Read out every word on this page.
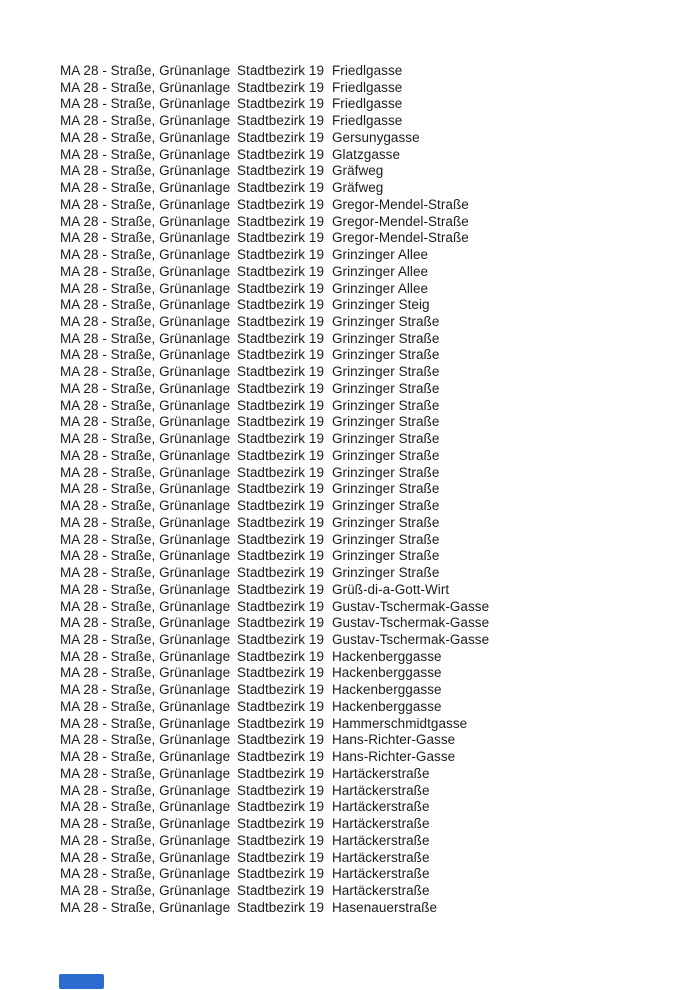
MA 28 - Straße, Grünanlage Stadtbezirk 19 Friedlgasse
MA 28 - Straße, Grünanlage Stadtbezirk 19 Friedlgasse
MA 28 - Straße, Grünanlage Stadtbezirk 19 Friedlgasse
MA 28 - Straße, Grünanlage Stadtbezirk 19 Friedlgasse
MA 28 - Straße, Grünanlage Stadtbezirk 19 Gersunygasse
MA 28 - Straße, Grünanlage Stadtbezirk 19 Glatzgasse
MA 28 - Straße, Grünanlage Stadtbezirk 19 Gräfweg
MA 28 - Straße, Grünanlage Stadtbezirk 19 Gräfweg
MA 28 - Straße, Grünanlage Stadtbezirk 19 Gregor-Mendel-Straße
MA 28 - Straße, Grünanlage Stadtbezirk 19 Gregor-Mendel-Straße
MA 28 - Straße, Grünanlage Stadtbezirk 19 Gregor-Mendel-Straße
MA 28 - Straße, Grünanlage Stadtbezirk 19 Grinzinger Allee
MA 28 - Straße, Grünanlage Stadtbezirk 19 Grinzinger Allee
MA 28 - Straße, Grünanlage Stadtbezirk 19 Grinzinger Allee
MA 28 - Straße, Grünanlage Stadtbezirk 19 Grinzinger Steig
MA 28 - Straße, Grünanlage Stadtbezirk 19 Grinzinger Straße
MA 28 - Straße, Grünanlage Stadtbezirk 19 Grinzinger Straße
MA 28 - Straße, Grünanlage Stadtbezirk 19 Grinzinger Straße
MA 28 - Straße, Grünanlage Stadtbezirk 19 Grinzinger Straße
MA 28 - Straße, Grünanlage Stadtbezirk 19 Grinzinger Straße
MA 28 - Straße, Grünanlage Stadtbezirk 19 Grinzinger Straße
MA 28 - Straße, Grünanlage Stadtbezirk 19 Grinzinger Straße
MA 28 - Straße, Grünanlage Stadtbezirk 19 Grinzinger Straße
MA 28 - Straße, Grünanlage Stadtbezirk 19 Grinzinger Straße
MA 28 - Straße, Grünanlage Stadtbezirk 19 Grinzinger Straße
MA 28 - Straße, Grünanlage Stadtbezirk 19 Grinzinger Straße
MA 28 - Straße, Grünanlage Stadtbezirk 19 Grinzinger Straße
MA 28 - Straße, Grünanlage Stadtbezirk 19 Grinzinger Straße
MA 28 - Straße, Grünanlage Stadtbezirk 19 Grinzinger Straße
MA 28 - Straße, Grünanlage Stadtbezirk 19 Grinzinger Straße
MA 28 - Straße, Grünanlage Stadtbezirk 19 Grinzinger Straße
MA 28 - Straße, Grünanlage Stadtbezirk 19 Grüß-di-a-Gott-Wirt
MA 28 - Straße, Grünanlage Stadtbezirk 19 Gustav-Tschermak-Gasse
MA 28 - Straße, Grünanlage Stadtbezirk 19 Gustav-Tschermak-Gasse
MA 28 - Straße, Grünanlage Stadtbezirk 19 Gustav-Tschermak-Gasse
MA 28 - Straße, Grünanlage Stadtbezirk 19 Hackenberggasse
MA 28 - Straße, Grünanlage Stadtbezirk 19 Hackenberggasse
MA 28 - Straße, Grünanlage Stadtbezirk 19 Hackenberggasse
MA 28 - Straße, Grünanlage Stadtbezirk 19 Hackenberggasse
MA 28 - Straße, Grünanlage Stadtbezirk 19 Hammerschmidtgasse
MA 28 - Straße, Grünanlage Stadtbezirk 19 Hans-Richter-Gasse
MA 28 - Straße, Grünanlage Stadtbezirk 19 Hans-Richter-Gasse
MA 28 - Straße, Grünanlage Stadtbezirk 19 Hartäckerstraße
MA 28 - Straße, Grünanlage Stadtbezirk 19 Hartäckerstraße
MA 28 - Straße, Grünanlage Stadtbezirk 19 Hartäckerstraße
MA 28 - Straße, Grünanlage Stadtbezirk 19 Hartäckerstraße
MA 28 - Straße, Grünanlage Stadtbezirk 19 Hartäckerstraße
MA 28 - Straße, Grünanlage Stadtbezirk 19 Hartäckerstraße
MA 28 - Straße, Grünanlage Stadtbezirk 19 Hartäckerstraße
MA 28 - Straße, Grünanlage Stadtbezirk 19 Hartäckerstraße
MA 28 - Straße, Grünanlage Stadtbezirk 19 Hasenauerstraße
